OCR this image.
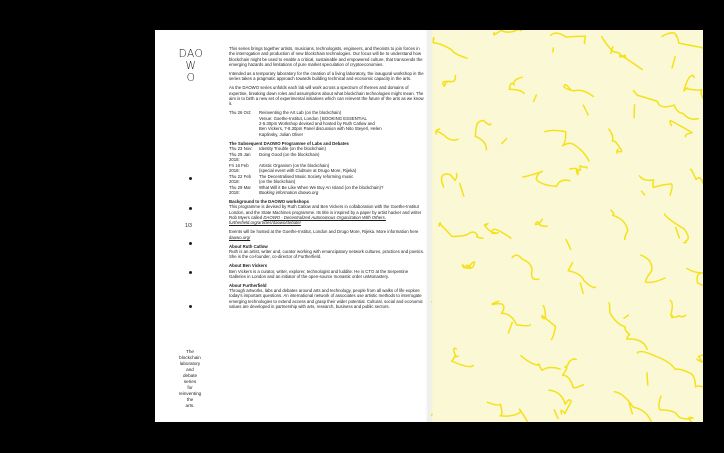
DAO
W
O
1/3
The
blockchain
laboratory
and
debate
series
for
reinventing
the
arts.

This series brings together artists, musicians, technologists, engineers, and theorists to join forces in the interrogation and production of new blockchain technologies. Our focus will be to understand how blockchain might be used to enable a critical, sustainable and empowered culture, that transcends the emerging hazards and limitations of pure market speculation of cryptoeconomies.

Intended as a temporary laboratory for the creation of a living laboratory, the inaugural workshop in the series takes a pragmatic approach towards building technical and economic capacity in the arts.

As the DAOWO series unfolds each lab will work across a spectrum of themes and domains of expertise, breaking down roles and assumptions about what blockchain technologies might mean. The aim is to birth a new set of experimental initiatives which can reinvent the future of the arts as we know it.

Thu 26 Oct:	Reinventing the Art Lab (on the blockchain)
Venue: Goethe-Institut, London | BOOKING ESSENTIAL
2-5.30pm Workshop devised and hosted by Ruth Catlow and
Ben Vickers, 7-8.30pm Panel discussion with Nito Steyerl, Helen
Kaplinsky, Julian Oliver
The Subsequent DAOWO Programme of Labs and Debates
Thu 23 Nov:	Identity Trouble (on the blockchain)
Thu 25 Jan 2018:
Doing Good (on the blockchain)
Fri 16 Feb 2018:
Artistic Organism (on the blockchain)
(special event with Clubture at Drugo More, Rijeka)
Thu 22 Feb 2018:
The Decentralised Music Society reforming music
(on the blockchain)
Thu 29 Mar 2018:
What Will it Be Like When We Buy An Island (on the blockchain)?
Booking information daowo.org
Background to the DAOWO workshops

This programme is devised by Ruth Catlow and Ben Vickers in collaboration with the Goethe-Institut London, and the State Machines programme. Its title is inspired by a paper by artist hacker and writer Rob Myers called DAOWO - Decentralized Autonomous Organization With Others. furtherfield.org/articles/daowo/debate/

Events will be hosted at the Goethe-Institut, London and Drugo More, Rijeka. More information here daowo.org/

About Ruth Catlow

Ruth is an artist, writer and, curator working with emancipatory network cultures, practices and poetics. She is the co-founder, co-director of Furtherfield.

About Ben Vickers

Ben Vickers is a curator, writer, explorer, technologist and luddite. He is CTO at the Serpentine Galleries in London and an initiator of the open-source monastic order unMonastery.

About Furtherfield

Through artworks, labs and debates around arts and technology, people from all walks of life explore today's important questions. An international network of associates use artistic methods to interrogate emerging technologies to extend access and grasp their wider potential. Cultural, social and economic values are developed in partnership with arts, research, business and public sectors.
